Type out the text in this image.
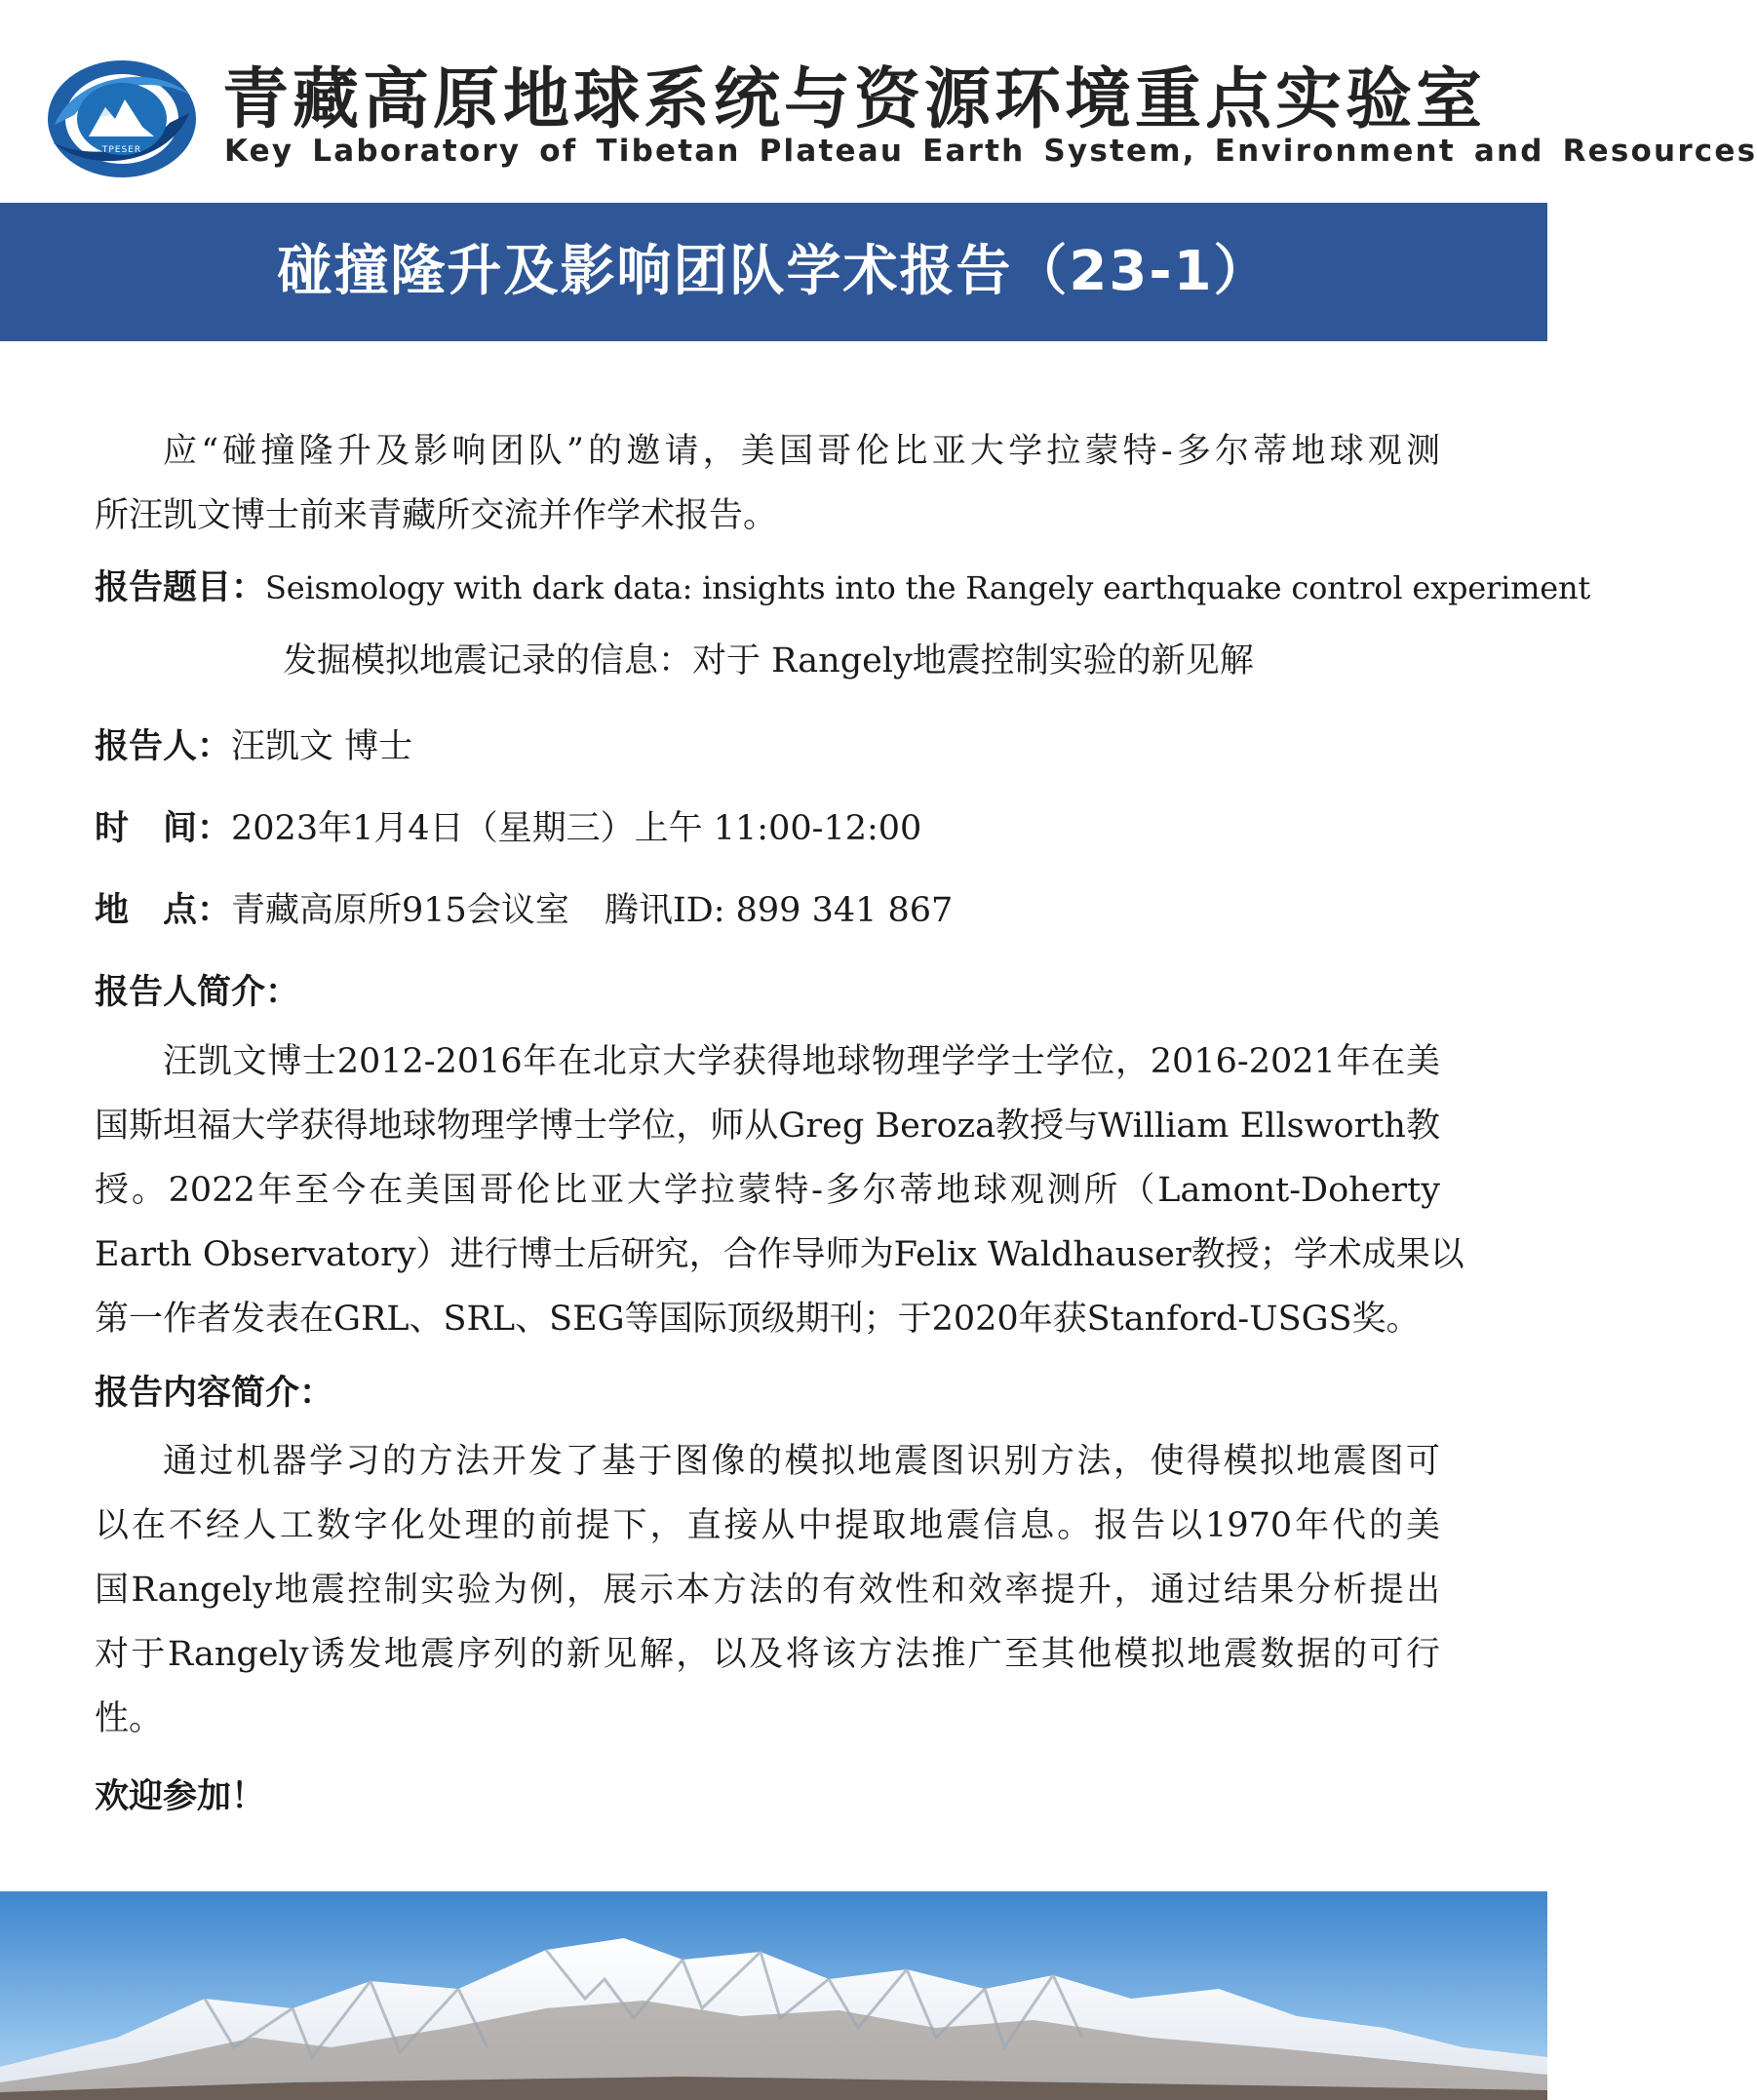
TPESER
青藏高原地球系统与资源环境重点实验室
Key Laboratory of Tibetan Plateau Earth System, Environment and Resources
碰撞隆升及影响团队学术报告（23-1）
应“碰撞隆升及影响团队”的邀请，美国哥伦比亚大学拉蒙特-多尔蒂地球观测
所汪凯文博士前来青藏所交流并作学术报告。
报告题目：Seismology with dark data: insights into the Rangely earthquake control experiment
发掘模拟地震记录的信息：对于 Rangely地震控制实验的新见解
报告人：汪凯文 博士
时　间：2023年1月4日（星期三）上午 11:00-12:00
地　点：青藏高原所915会议室 腾讯ID: 899 341 867
报告人简介：
汪凯文博士2012-2016年在北京大学获得地球物理学学士学位，2016-2021年在美
国斯坦福大学获得地球物理学博士学位，师从Greg Beroza教授与William Ellsworth教
授。2022年至今在美国哥伦比亚大学拉蒙特-多尔蒂地球观测所（Lamont-Doherty
Earth Observatory）进行博士后研究，合作导师为Felix Waldhauser教授；学术成果以
第一作者发表在GRL、SRL、SEG等国际顶级期刊；于2020年获Stanford-USGS奖。
报告内容简介：
通过机器学习的方法开发了基于图像的模拟地震图识别方法，使得模拟地震图可
以在不经人工数字化处理的前提下，直接从中提取地震信息。报告以1970年代的美
国Rangely地震控制实验为例，展示本方法的有效性和效率提升，通过结果分析提出
对于Rangely诱发地震序列的新见解，以及将该方法推广至其他模拟地震数据的可行
性。
欢迎参加！
